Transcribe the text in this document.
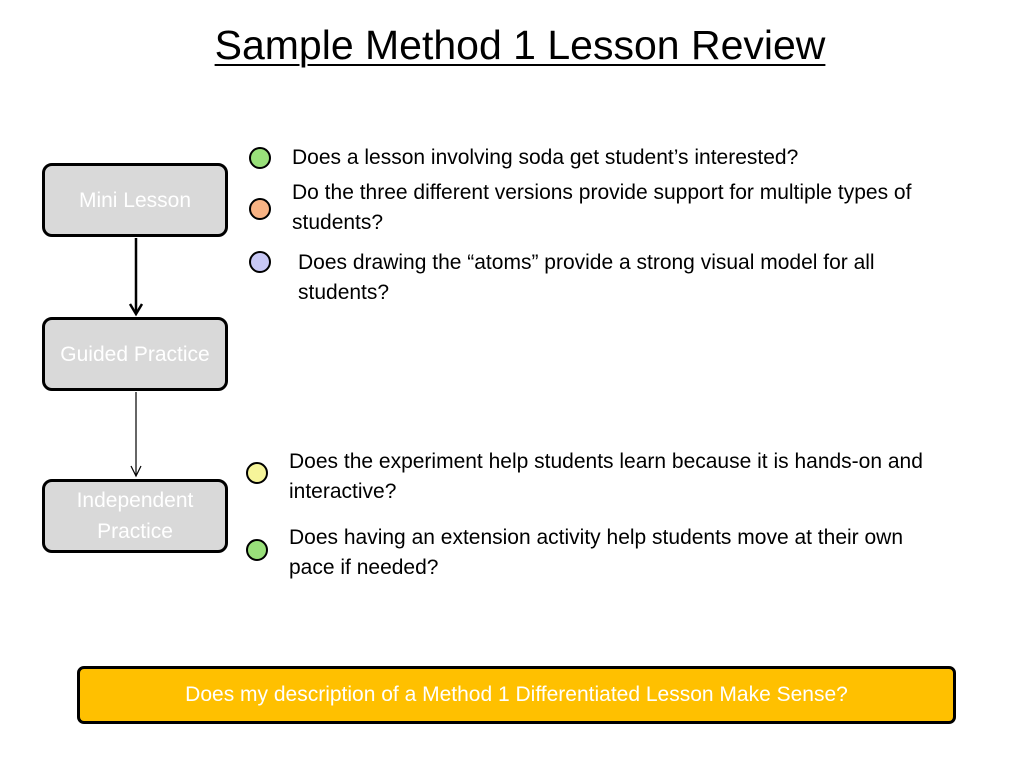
Sample Method 1 Lesson Review
Mini Lesson
Guided Practice
Independent Practice
Does a lesson involving soda get student’s interested?
Do the three different versions provide support for multiple types of students?
Does drawing the “atoms” provide a strong visual model for all students?
Does the experiment help students learn because it is hands-on and interactive?
Does having an extension activity help students move at their own pace if needed?
Does my description of a Method 1 Differentiated Lesson Make Sense?
